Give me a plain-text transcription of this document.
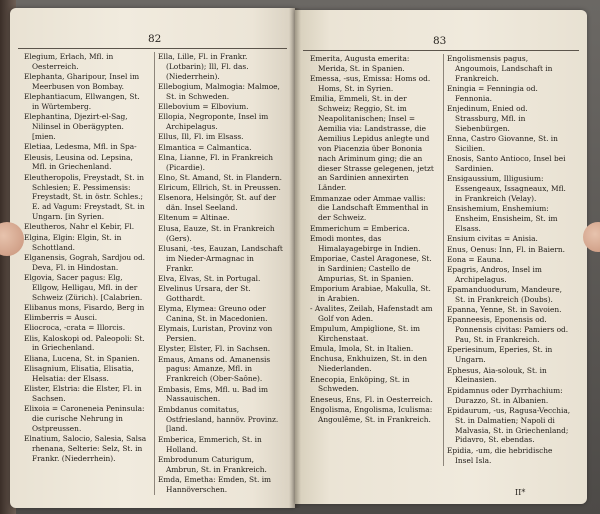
82
Elegium, Erlach, Mfl. in Oesterreich.
Elephanta, Gharipour, Insel im Meerbusen von Bombay.
Elephantiacum, Ellwangen, St. in Würtemberg.
Elephantina, Djezirt-el-Sag, Nilinsel in Oberägypten. [mien.
Eletiaa, Ledesma, Mfl. in Spa-
Eleusis, Leusina od. Lepsina, Mfl. in Griechenland.
Eleutheropolis, Freystadt, St. in Schlesien; E. Pessimensis: Freystadt, St. in östr. Schles.; E. ad Vagum: Freystadt, St. in Ungarn. [in Syrien.
Eleutheros, Nahr el Kebir, Fl.
Elgina, Elgin: Elgin, St. in Schottland.
Elganensis, Gograh, Sardjou od. Deva, Fl. in Hindostan.
Elgovia, Sacer pagus: Elg, Ellgow, Helligau, Mfl. in der Schweiz (Zürich). [Calabrien.
Elibanus mons, Fisardo, Berg in
Elimberris = Ausci.
Eliocroca, -crata = Illorcis.
Elis, Kaloskopi od. Paleopoli: St. in Griechenland.
Eliana, Lucena, St. in Spanien.
Elisagnium, Elisatia, Elisatia, Helsatia: der Elsass.
Elister, Elstria: die Elster, Fl. in Sachsen.
Elixoia = Caroneneia Peninsula: die curische Nehrung in Ostpreussen.
Elnatium, Salocio, Salesia, Salsa rhenana, Selterie: Selz, St. in Frankr. (Niederrhein).
Ella, Lille, Fl. in Frankr. (Lotbarin); Ill, Fl. das. (Niederrhein).
Ellebogium, Malmogia: Malmoe, St. in Schweden.
Ellebovium = Elbovium.
Ellopia, Negroponte, Insel im Archipelagus.
Ellus, Ill, Fl. im Elsass.
Elmantica = Calmantica.
Elna, Lianne, Fl. in Frankreich (Picardie).
Elno, St. Amand, St. in Flandern.
Elricum, Ellrich, St. in Preussen.
Elsenora, Helsingör, St. auf der dän. Insel Seeland.
Eltenum = Altinae.
Elusa, Eauze, St. in Frankreich (Gers).
Elusani, -tes, Eauzan, Landschaft im Nieder-Armagnac in Frankr.
Elva, Elvas, St. in Portugal.
Elvelinus Ursara, der St. Gotthardt.
Elyma, Elymea: Greuno oder Canina, St. in Macedonien.
Elymais, Luristan, Provinz von Persien.
Elyster, Elster, Fl. in Sachsen.
Emaus, Amans od. Amanensis pagus: Amanze, Mfl. in Frankreich (Ober-Saône).
Embasis, Ems, Mfl. u. Bad im Nassauischen.
Embdanus comitatus, Ostfriesland, hannöv. Provinz. [land.
Emberica, Emmerich, St. in Holland.
Embrodunum Caturigum, Ambrun, St. in Frankreich.
Emda, Emetha: Emden, St. im Hannöverschen.
83
Emerita, Augusta emerita: Merida, St. in Spanien.
Emessa, -sus, Emissa: Homs od. Homs, St. in Syrien.
Emilia, Emmeli, St. in der Schweiz; Reggio, St. im Neapolitanischen; Insel = Aemilia via: Landstrasse, die Aemilius Lepidus anlegte und von Piacenzia über Bononia nach Ariminum ging; die an dieser Strasse gelegenen, jetzt an Sardinien annexirten Länder.
Emmanzae oder Ammae vallis: die Landschaft Emmenthal in der Schweiz.
Emmerichum = Emberica.
Emodi montes, das Himalayagebirge in Indien.
Emporiae, Castel Aragonese, St. in Sardinien; Castello de Ampurias, St. in Spanien.
Emporium Arabiae, Makulla, St. in Arabien.
- Avalites, Zeilah, Hafenstadt am Golf von Aden.
Empulum, Ampiglione, St. im Kirchenstaat.
Emula, Imola, St. in Italien.
Enchusa, Enkhuizen, St. in den Niederlanden.
Enecopia, Enköping, St. in Schweden.
Eneseus, Ens, Fl. in Oesterreich.
Engolisma, Engolisma, Iculisma: Angoulême, St. in Frankreich.
Engolismensis pagus, Angoumois, Landschaft in Frankreich.
Eningia = Fenningia od. Fennonia.
Enjedinum, Enied od. Strassburg, Mfl. in Siebenbürgen.
Enna, Castro Giovanne, St. in Sicilien.
Enosis, Santo Antioco, Insel bei Sardinien.
Ensigaussium, Illigusium: Essengeaux, Issagneaux, Mfl. in Frankreich (Velay).
Ensishemium, Enshemium: Ensheim, Ensisheim, St. im Elsass.
Ensium civitas = Anisia.
Enus, Oenus: Inn, Fl. in Baiern.
Eona = Eauna.
Epagris, Andros, Insel im Archipelagus.
Epamanduodurum, Mandeure, St. in Frankreich (Doubs).
Epanna, Yenne, St. in Savoien.
Epanneesis, Eponensis od. Ponnensis civitas: Pamiers od. Pau, St. in Frankreich.
Eperiesinum, Eperies, St. in Ungarn.
Ephesus, Aia-solouk, St. in Kleinasien.
Epidamnus oder Dyrrhachium: Durazzo, St. in Albanien.
Epidaurum, -us, Ragusa-Vecchia, St. in Dalmatien; Napoli di Malvasia, St. in Griechenland; Pidavro, St. ebendas.
Epidia, -um, die hebridische Insel Isla.
II*
